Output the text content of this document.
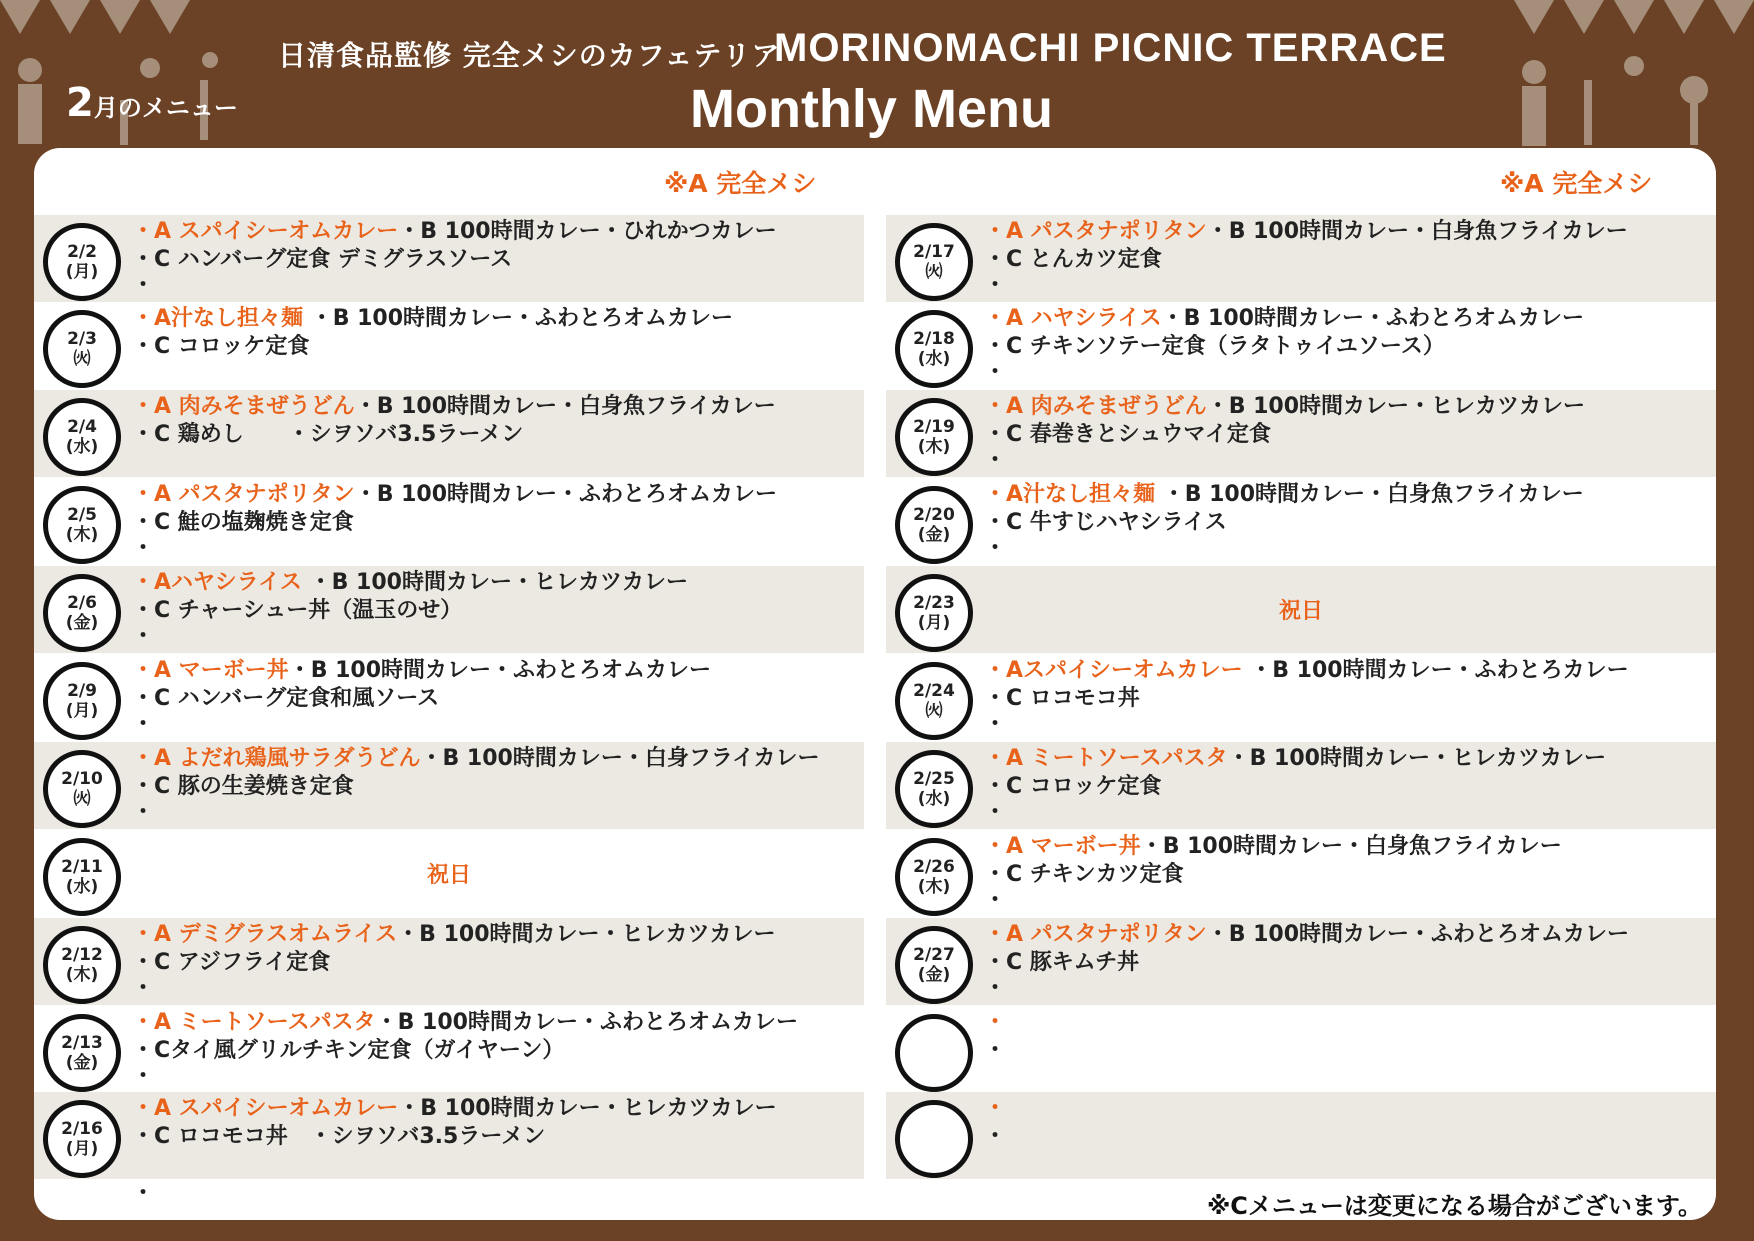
日清食品監修 完全メシのカフェテリア
MORINOMACHI PICNIC TERRACE
Monthly Menu
2月のメニュー
※A 完全メシ	※A 完全メシ
2/2
(月)
・A スパイシーオムカレー・B 100時間カレー・ひれかつカレー
・C ハンバーグ定食 デミグラスソース
・
2/3
㈫
・A汁なし担々麺 ・B 100時間カレー・ふわとろオムカレー
・C コロッケ定食
2/4
(水)
・A 肉みそまぜうどん・B 100時間カレー・白身魚フライカレー
・C 鶏めし　　・シヲソバ3.5ラーメン
2/5
(木)
・A パスタナポリタン・B 100時間カレー・ふわとろオムカレー
・C 鮭の塩麹焼き定食
・
2/6
(金)
・Aハヤシライス ・B 100時間カレー・ヒレカツカレー
・C チャーシュー丼（温玉のせ）
・
2/9
(月)
・A マーボー丼・B 100時間カレー・ふわとろオムカレー
・C ハンバーグ定食和風ソース
・
2/10
㈫
・A よだれ鶏風サラダうどん・B 100時間カレー・白身フライカレー
・C 豚の生姜焼き定食
・
2/11
(水)	祝日
2/12
(木)
・A デミグラスオムライス・B 100時間カレー・ヒレカツカレー
・C アジフライ定食
・
2/13
(金)
・A ミートソースパスタ・B 100時間カレー・ふわとろオムカレー
・Cタイ風グリルチキン定食（ガイヤーン）
・
2/16
(月)
・A スパイシーオムカレー・B 100時間カレー・ヒレカツカレー
・C ロコモコ丼　・シヲソバ3.5ラーメン
2/17
㈫
・A パスタナポリタン・B 100時間カレー・白身魚フライカレー
・C とんカツ定食
・
2/18
(水)
・A ハヤシライス・B 100時間カレー・ふわとろオムカレー
・C チキンソテー定食（ラタトゥイユソース）
・
2/19
(木)
・A 肉みそまぜうどん・B 100時間カレー・ヒレカツカレー
・C 春巻きとシュウマイ定食
・
2/20
(金)
・A汁なし担々麺 ・B 100時間カレー・白身魚フライカレー
・C 牛すじハヤシライス
・
2/23
(月)	祝日
2/24
㈫
・Aスパイシーオムカレー ・B 100時間カレー・ふわとろカレー
・C ロコモコ丼
・
2/25
(水)
・A ミートソースパスタ・B 100時間カレー・ヒレカツカレー
・C コロッケ定食
・
2/26
(木)
・A マーボー丼・B 100時間カレー・白身魚フライカレー
・C チキンカツ定食
・
2/27
(金)
・A パスタナポリタン・B 100時間カレー・ふわとろオムカレー
・C 豚キムチ丼
・
・
・
・
・
・	※Cメニューは変更になる場合がございます。
